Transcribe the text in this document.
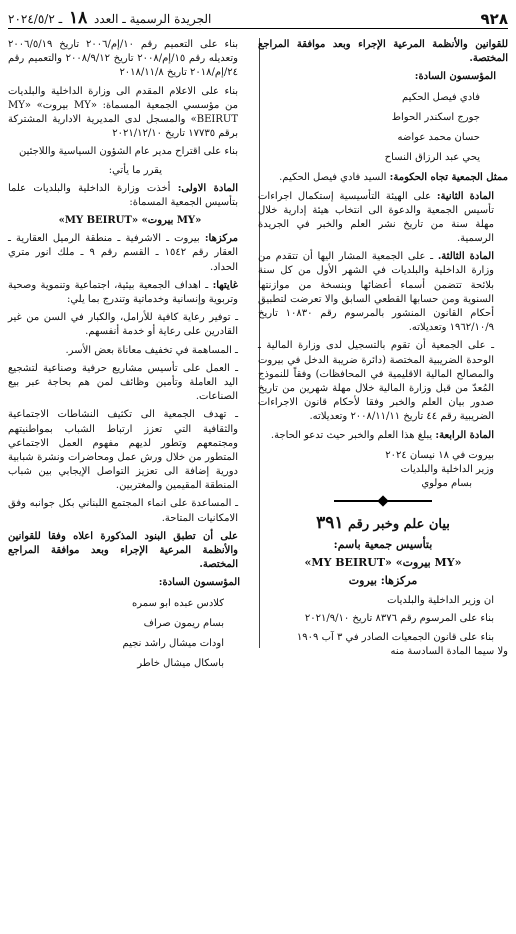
٩٢٨
الجريدة الرسمية ـ العدد ١٨ ـ ٢٠٢٤/٥/٢

للقوانين والأنظمة المرعية الإجراء وبعد موافقة المراجع المختصة.

المؤسسون السادة:
فادي فيصل الحكيم
جورج اسكندر الحواط
حسان محمد عواضه
يحي عبد الرزاق النساح

ممثل الجمعية تجاه الحكومة: السيد فادي فيصل الحكيم.

المادة الثانية: على الهيئة التأسيسية إستكمال اجراءات تأسيس الجمعية والدعوة الى انتخاب هيئة إدارية خلال مهلة سنة من تاريخ نشر العلم والخبر في الجريدة الرسمية.

المادة الثالثة. ـ على الجمعية المشار اليها أن تتقدم من وزارة الداخلية والبلديات في الشهر الأول من كل سنة بلائحة تتضمن أسماء أعضائها وبنسخة من موازنتها السنوية ومن حسابها القطعي السابق والا تعرضت لتطبيق أحكام القانون المنشور بالمرسوم رقم ١٠٨٣٠ تاريخ ١٩٦٢/١٠/٩ وتعديلاته.

ـ على الجمعية أن تقوم بالتسجيل لدى وزارة المالية ـ الوحدة الضريبية المختصة (دائرة ضريبة الدخل في بيروت والمصالح المالية الاقليمية في المحافظات) وفقاً للنموذج المُعدّ من قبل وزارة المالية خلال مهلة شهرين من تاريخ صدور بيان العلم والخبر وفقا لأحكام قانون الاجراءات الضريبية رقم ٤٤ تاريخ ٢٠٠٨/١١/١١ وتعديلاته.

المادة الرابعة: يبلغ هذا العلم والخبر حيث تدعو الحاجة.

بيروت في ١٨ نيسان ٢٠٢٤
وزير الداخلية والبلديات
بسام مولوي
بيان علم وخبر رقم ٣٩١
بتأسيس جمعية باسم:
«MY بيروت» «MY BEIRUT»
مركزها: بيروت

ان وزير الداخلية والبلديات

بناء على المرسوم رقم ٨٣٧٦ تاريخ ٢٠٢١/٩/١٠

بناء على قانون الجمعيات الصادر في ٣ آب ١٩٠٩

ولا سيما المادة السادسة منه

بناء على التعميم رقم ١٠/إم/٢٠٠٦ تاريخ ٢٠٠٦/٥/١٩ وتعديله رقم ١٥/إم/٢٠٠٨ تاريخ ٢٠٠٨/٩/١٢ والتعميم رقم ٢٤/إم/٢٠١٨ تاريخ ٢٠١٨/١١/٨

بناء على الاعلام المقدم الى وزارة الداخلية والبلديات من مؤسسي الجمعية المسماة: «MY بيروت» «MY BEIRUT» والمسجل لدى المديرية الادارية المشتركة برقم ١٧٧٣٥ تاريخ ٢٠٢١/١٢/١٠

بناء على اقتراح مدير عام الشؤون السياسية واللاجئين

يقرر ما يأتي:

المادة الاولى: أخذت وزارة الداخلية والبلديات علما بتأسيس الجمعية المسماة:

«MY بيروت» «MY BEIRUT»

مركزها: بيروت ـ الاشرفية ـ منطقة الرميل العقارية ـ العقار رقم ١٥٤٢ ـ القسم رقم ٩ ـ ملك انور متري الحداد.

غايتها: ـ اهداف الجمعية بيئية، اجتماعية وتنموية وصحية وتربوية وإنسانية وخدماتية وتندرج بما يلي:

ـ توفير رعاية كافية للأرامل، والكبار في السن من غير القادرين على رعاية أو خدمة أنفسهم.

ـ المساهمة في تخفيف معاناة بعض الأسر.

ـ العمل على تأسيس مشاريع حرفية وصناعية لتشجيع اليد العاملة وتأمين وظائف لمن هم بحاجة عبر بيع الصناعات.

ـ تهدف الجمعية الى تكثيف النشاطات الاجتماعية والثقافية التي تعزز ارتباط الشباب بمواطنيتهم ومجتمعهم وتطور لديهم مفهوم العمل الاجتماعي المتطور من خلال ورش عمل ومحاضرات ونشرة شبابية دورية إضافة الى تعزيز التواصل الإيجابي بين شباب المنطقة المقيمين والمغتربين.

ـ المساعدة على انماء المجتمع اللبناني بكل جوانبه وفق الامكانيات المتاحة.

على أن تطبق البنود المذكورة اعلاه وفقا للقوانين والأنظمة المرعية الإجراء وبعد موافقة المراجع المختصة.

المؤسسون السادة:
كلادس عبده ابو سمره
بسام ريمون صراف
اودات ميشال راشد نجيم
باسكال ميشال خاطر
